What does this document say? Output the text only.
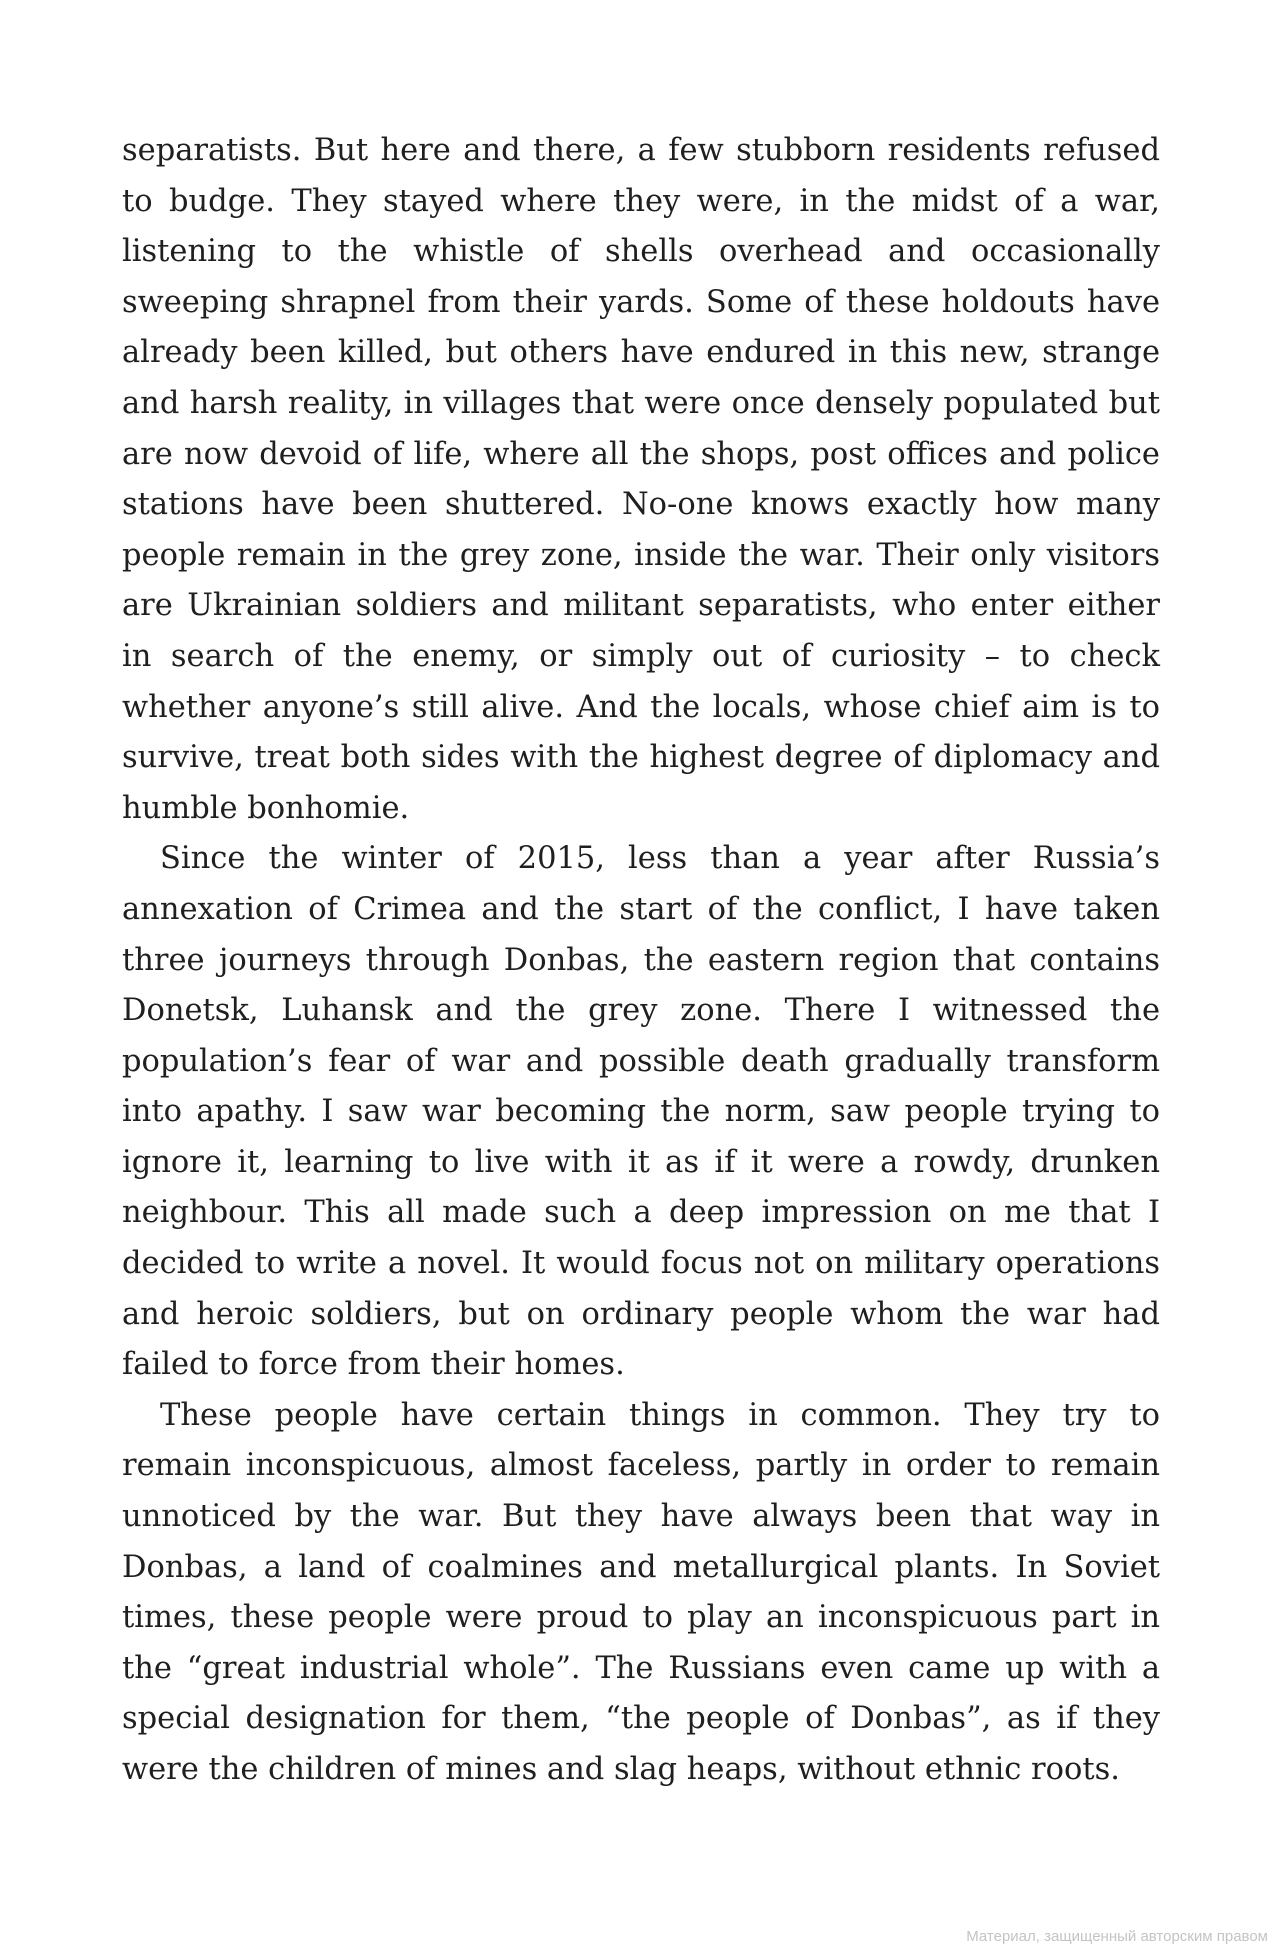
separatists. But here and there, a few stubborn residents refused to budge. They stayed where they were, in the midst of a war, listening to the whistle of shells overhead and occasionally sweeping shrapnel from their yards. Some of these holdouts have already been killed, but others have endured in this new, strange and harsh reality, in villages that were once densely populated but are now devoid of life, where all the shops, post offices and police stations have been shuttered. No-one knows exactly how many people remain in the grey zone, inside the war. Their only visitors are Ukrainian soldiers and militant separatists, who enter either in search of the enemy, or simply out of curiosity – to check whether anyone’s still alive. And the locals, whose chief aim is to survive, treat both sides with the highest degree of diplomacy and humble bonhomie.

Since the winter of 2015, less than a year after Russia’s annexation of Crimea and the start of the conflict, I have taken three journeys through Donbas, the eastern region that contains Donetsk, Luhansk and the grey zone. There I witnessed the population’s fear of war and possible death gradually transform into apathy. I saw war becoming the norm, saw people trying to ignore it, learning to live with it as if it were a rowdy, drunken neighbour. This all made such a deep impression on me that I decided to write a novel. It would focus not on military operations and heroic soldiers, but on ordinary people whom the war had failed to force from their homes.

These people have certain things in common. They try to remain inconspicuous, almost faceless, partly in order to remain unnoticed by the war. But they have always been that way in Donbas, a land of coalmines and metallurgical plants. In Soviet times, these people were proud to play an inconspicuous part in the “great industrial whole”. The Russians even came up with a special designation for them, “the people of Donbas”, as if they were the children of mines and slag heaps, without ethnic roots.

Материал, защищенный авторским правом
